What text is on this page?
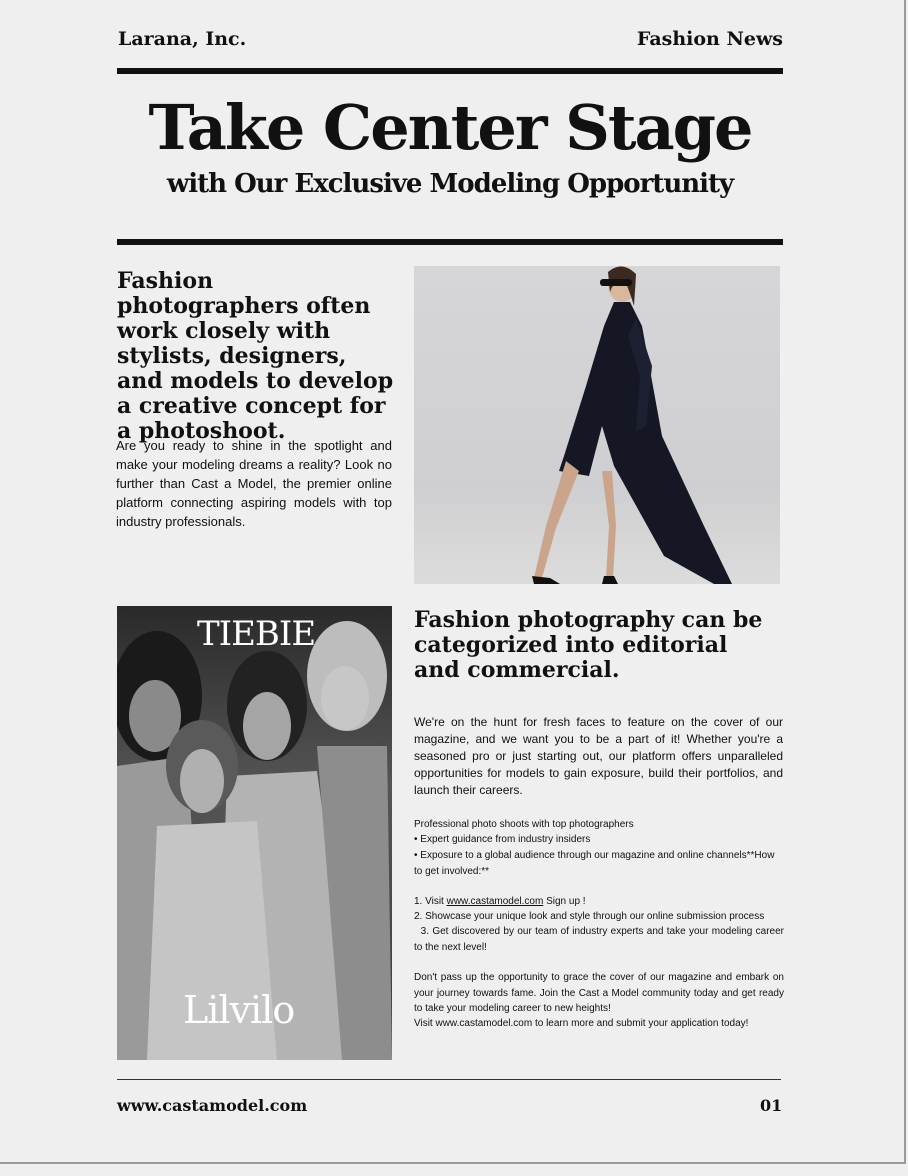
Larana, Inc.	Fashion News
Take Center Stage
with Our Exclusive Modeling Opportunity
Fashion photographers often work closely with stylists, designers, and models to develop a creative concept for a photoshoot.

Are you ready to shine in the spotlight and make your modeling dreams a reality? Look no further than Cast a Model, the premier online platform connecting aspiring models with top industry professionals.

TIEBIE
Lilvilo
Fashion photography can be categorized into editorial and commercial.

We're on the hunt for fresh faces to feature on the cover of our magazine, and we want you to be a part of it! Whether you're a seasoned pro or just starting out, our platform offers unparalleled opportunities for models to gain exposure, build their portfolios, and launch their careers.

Professional photo shoots with top photographers

• Expert guidance from industry insiders

• Exposure to a global audience through our magazine and online channels**How to get involved:**

1. Visit www.castamodel.com Sign up !

2. Showcase your unique look and style through our online submission process

3. Get discovered by our team of industry experts and take your modeling career to the next level!

Don't pass up the opportunity to grace the cover of our magazine and embark on your journey towards fame. Join the Cast a Model community today and get ready to take your modeling career to new heights!

Visit www.castamodel.com to learn more and submit your application today!

www.castamodel.com	01
